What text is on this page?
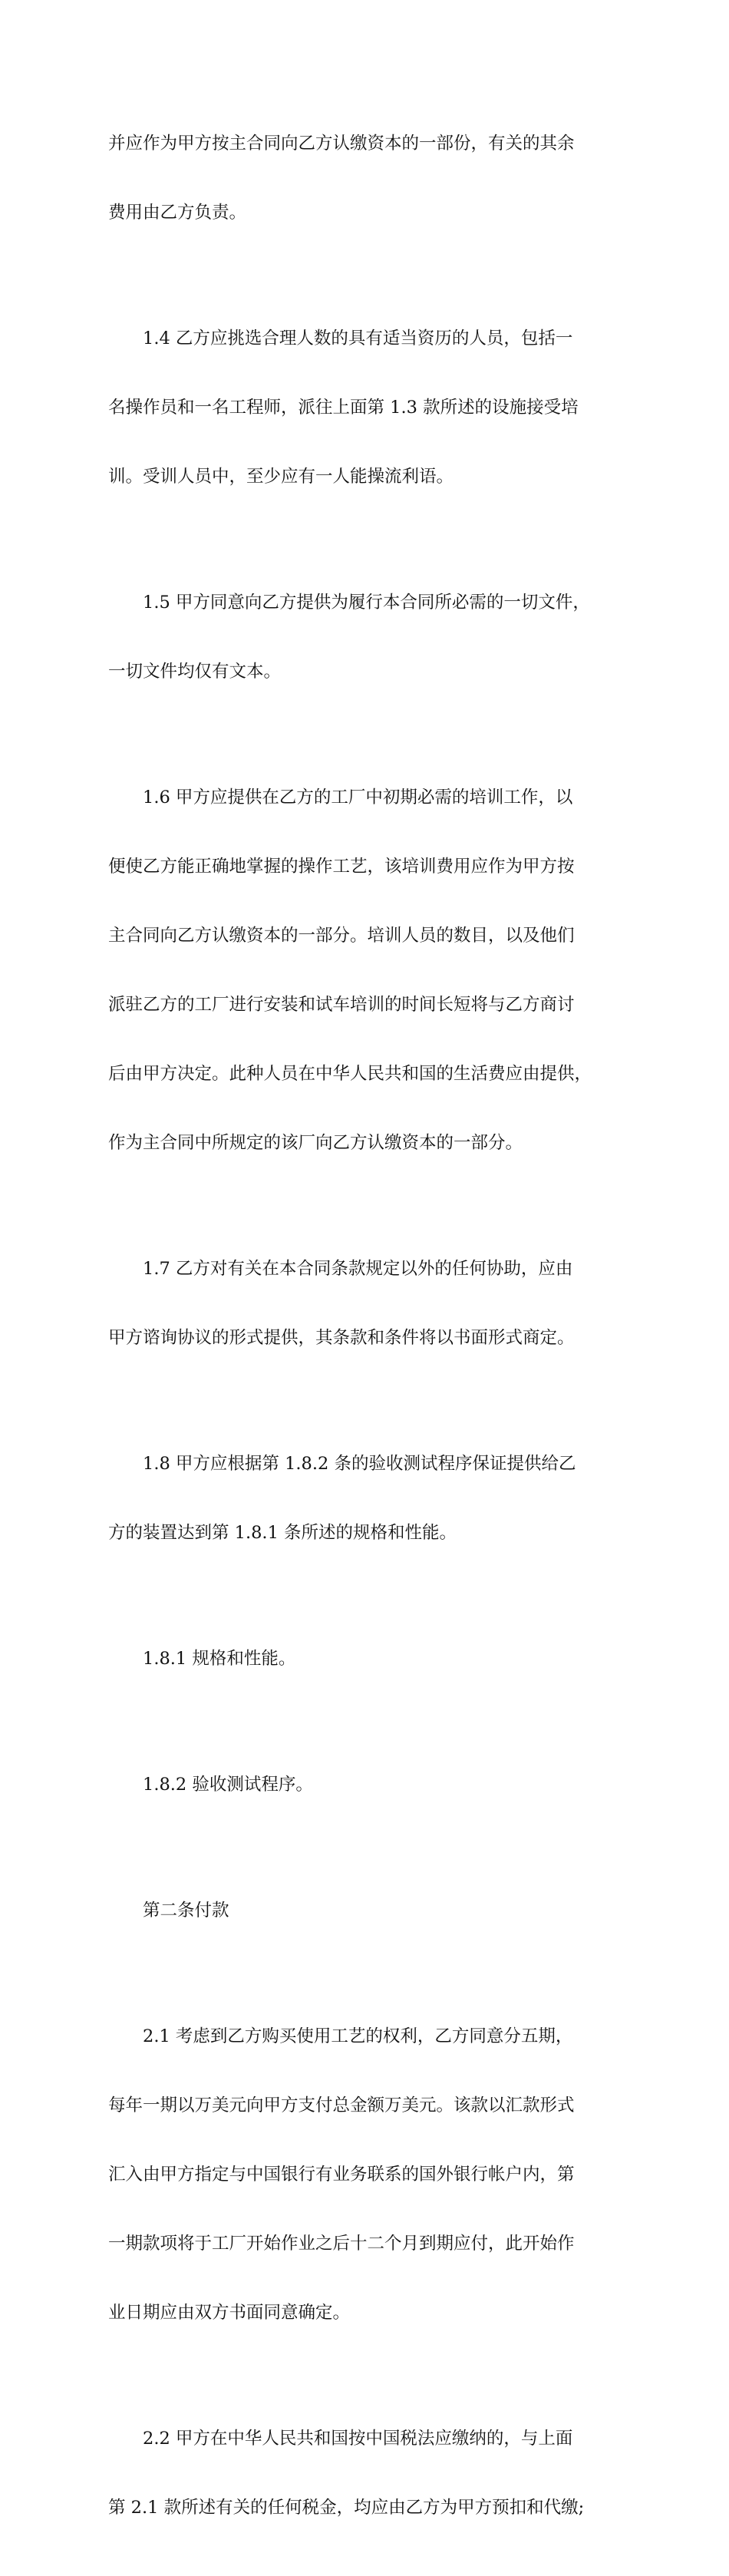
并应作为甲方按主合同向乙方认缴资本的一部份，有关的其余

费用由乙方负责。

1.4 乙方应挑选合理人数的具有适当资历的人员，包括一

名操作员和一名工程师，派往上面第 1.3 款所述的设施接受培

训。受训人员中，至少应有一人能操流利语。

1.5 甲方同意向乙方提供为履行本合同所必需的一切文件，

一切文件均仅有文本。

1.6 甲方应提供在乙方的工厂中初期必需的培训工作，以

便使乙方能正确地掌握的操作工艺，该培训费用应作为甲方按

主合同向乙方认缴资本的一部分。培训人员的数目，以及他们

派驻乙方的工厂进行安装和试车培训的时间长短将与乙方商讨

后由甲方决定。此种人员在中华人民共和国的生活费应由提供，

作为主合同中所规定的该厂向乙方认缴资本的一部分。

1.7 乙方对有关在本合同条款规定以外的任何协助，应由

甲方谘询协议的形式提供，其条款和条件将以书面形式商定。

1.8 甲方应根据第 1.8.2 条的验收测试程序保证提供给乙

方的装置达到第 1.8.1 条所述的规格和性能。

1.8.1 规格和性能。

1.8.2 验收测试程序。

第二条付款

2.1 考虑到乙方购买使用工艺的权利，乙方同意分五期，

每年一期以万美元向甲方支付总金额万美元。该款以汇款形式

汇入由甲方指定与中国银行有业务联系的国外银行帐户内，第

一期款项将于工厂开始作业之后十二个月到期应付，此开始作

业日期应由双方书面同意确定。

2.2 甲方在中华人民共和国按中国税法应缴纳的，与上面

第 2.1 款所述有关的任何税金，均应由乙方为甲方预扣和代缴;
